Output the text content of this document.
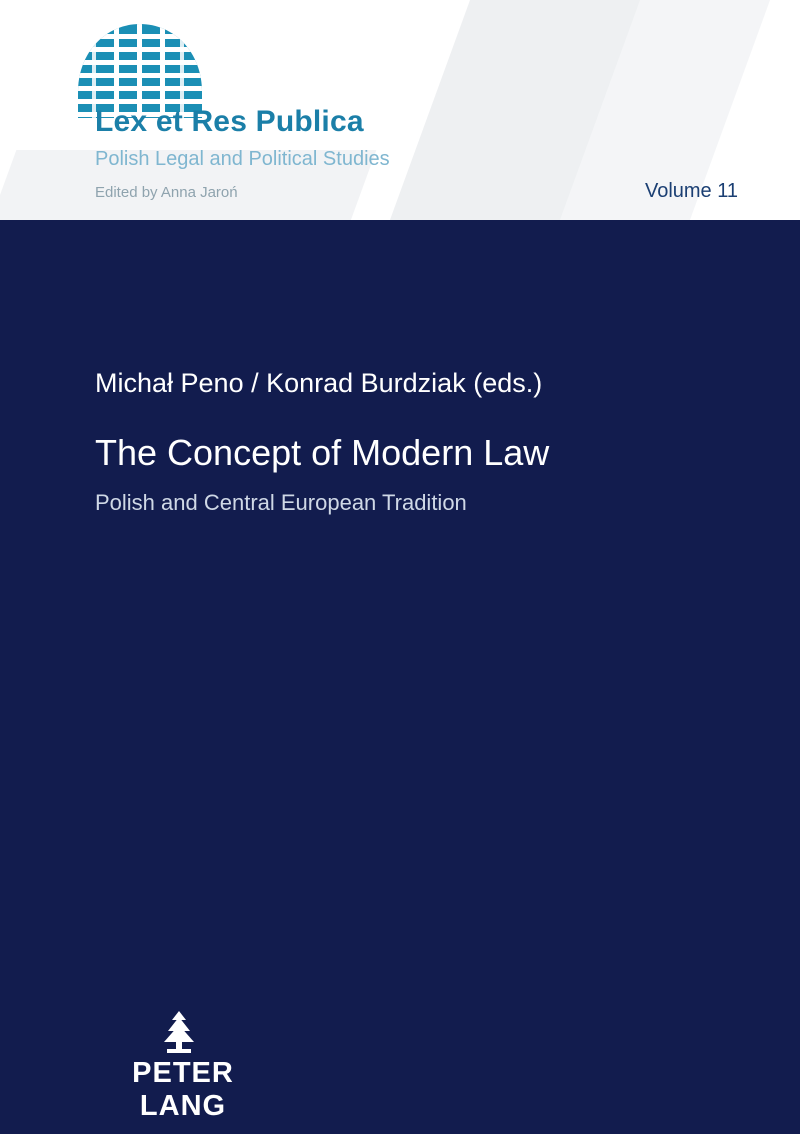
Lex et Res Publica
Polish Legal and Political Studies
Edited by Anna Jaroń	Volume 11
Michał Peno / Konrad Burdziak (eds.)
The Concept of Modern Law
Polish and Central European Tradition
PETER LANG
